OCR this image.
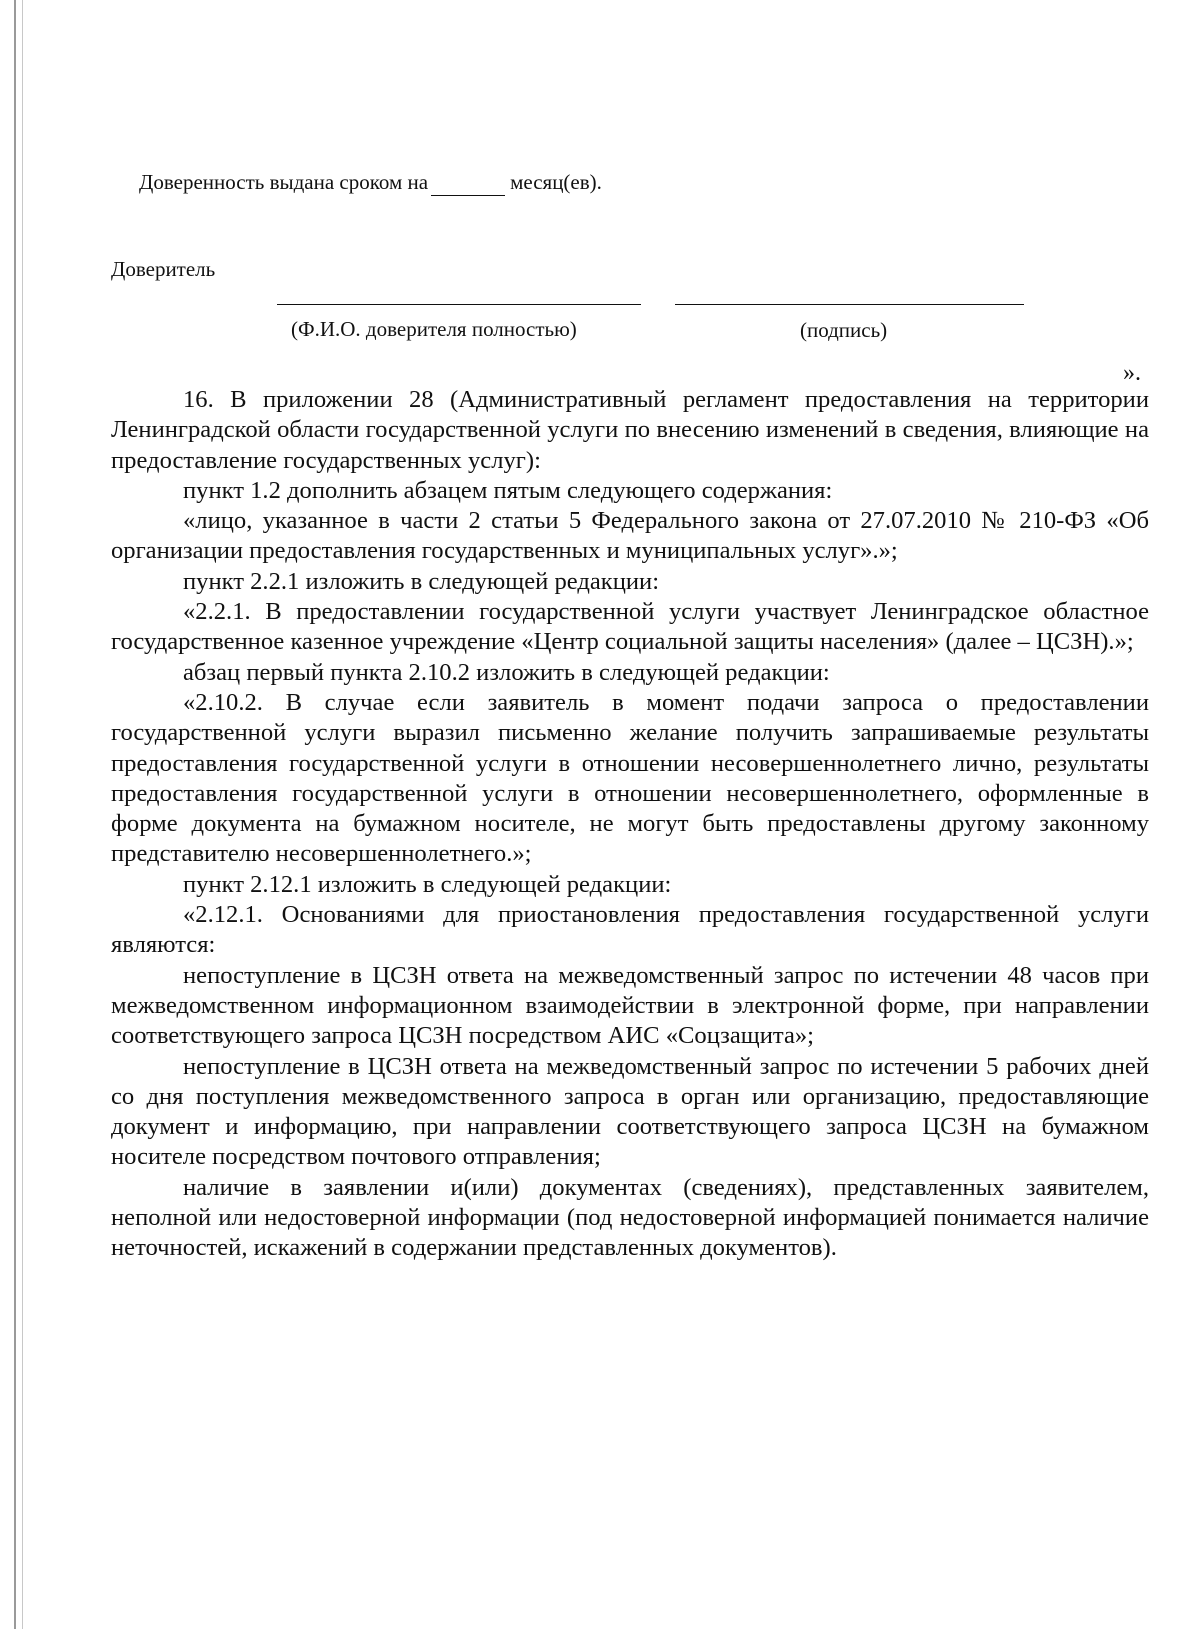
Доверенность выдана сроком на	месяц(ев).
Доверитель
(Ф.И.О. доверителя полностью)	(подпись)
».

16. В приложении 28 (Административный регламент предоставления на территории Ленинградской области государственной услуги по внесению изменений в сведения, влияющие на предоставление государственных услуг):

пункт 1.2 дополнить абзацем пятым следующего содержания:

«лицо, указанное в части 2 статьи 5 Федерального закона от 27.07.2010 № 210-ФЗ «Об организации предоставления государственных и муниципальных услуг».»;

пункт 2.2.1 изложить в следующей редакции:

«2.2.1. В предоставлении государственной услуги участвует Ленинградское областное государственное казенное учреждение «Центр социальной защиты населения» (далее – ЦСЗН).»;

абзац первый пункта 2.10.2 изложить в следующей редакции:

«2.10.2. В случае если заявитель в момент подачи запроса о предоставлении государственной услуги выразил письменно желание получить запрашиваемые результаты предоставления государственной услуги в отношении несовершеннолетнего лично, результаты предоставления государственной услуги в отношении несовершеннолетнего, оформленные в форме документа на бумажном носителе, не могут быть предоставлены другому законному представителю несовершеннолетнего.»;

пункт 2.12.1 изложить в следующей редакции:

«2.12.1. Основаниями для приостановления предоставления государственной услуги являются:

непоступление в ЦСЗН ответа на межведомственный запрос по истечении 48 часов при межведомственном информационном взаимодействии в электронной форме, при направлении соответствующего запроса ЦСЗН посредством АИС «Соцзащита»;

непоступление в ЦСЗН ответа на межведомственный запрос по истечении 5 рабочих дней со дня поступления межведомственного запроса в орган или организацию, предоставляющие документ и информацию, при направлении соответствующего запроса ЦСЗН на бумажном носителе посредством почтового отправления;

наличие в заявлении и(или) документах (сведениях), представленных заявителем, неполной или недостоверной информации (под недостоверной информацией понимается наличие неточностей, искажений в содержании представленных документов).
